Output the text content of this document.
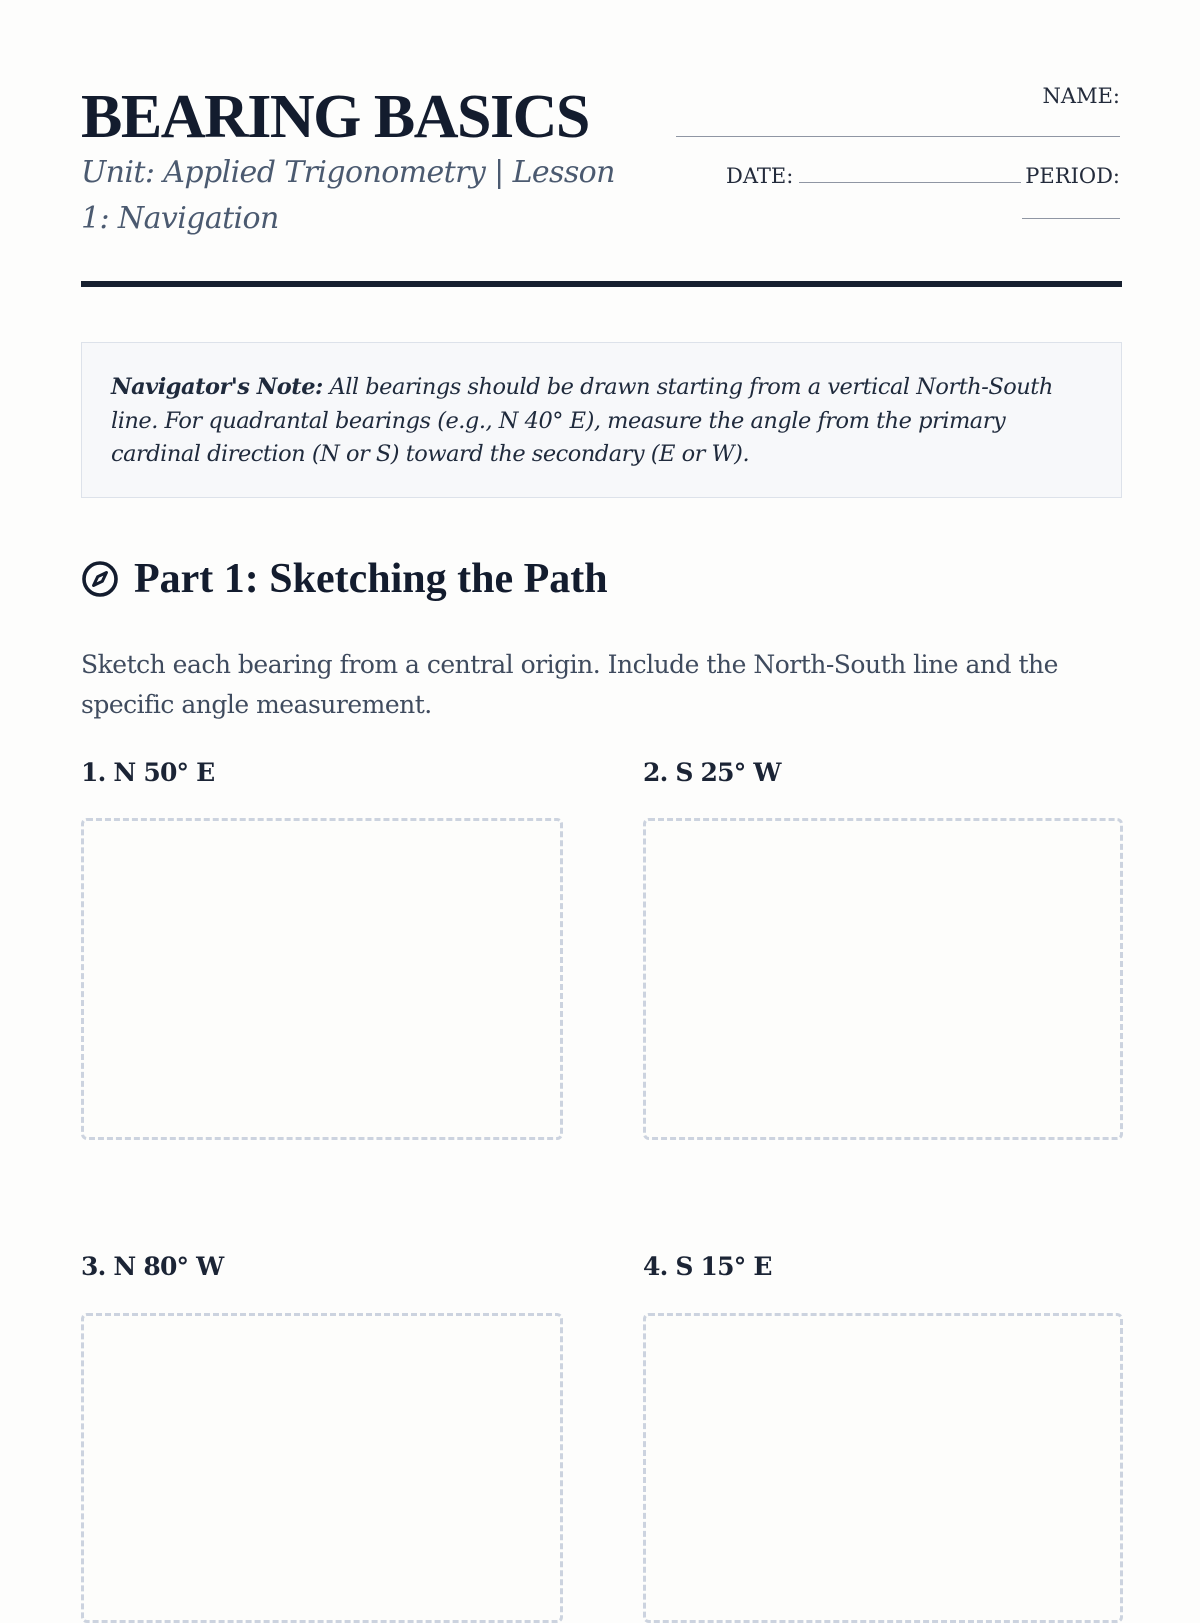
BEARING BASICS

Unit: Applied Trigonometry | Lesson 1: Navigation

NAME:
DATE:	PERIOD:
Navigator's Note: All bearings should be drawn starting from a vertical North-South line. For quadrantal bearings (e.g., N 40° E), measure the angle from the primary cardinal direction (N or S) toward the secondary (E or W).
Part 1: Sketching the Path

Sketch each bearing from a central origin. Include the North-South line and the specific angle measurement.

1. N 50° E	2. S 25° W
3. N 80° W	4. S 15° E
